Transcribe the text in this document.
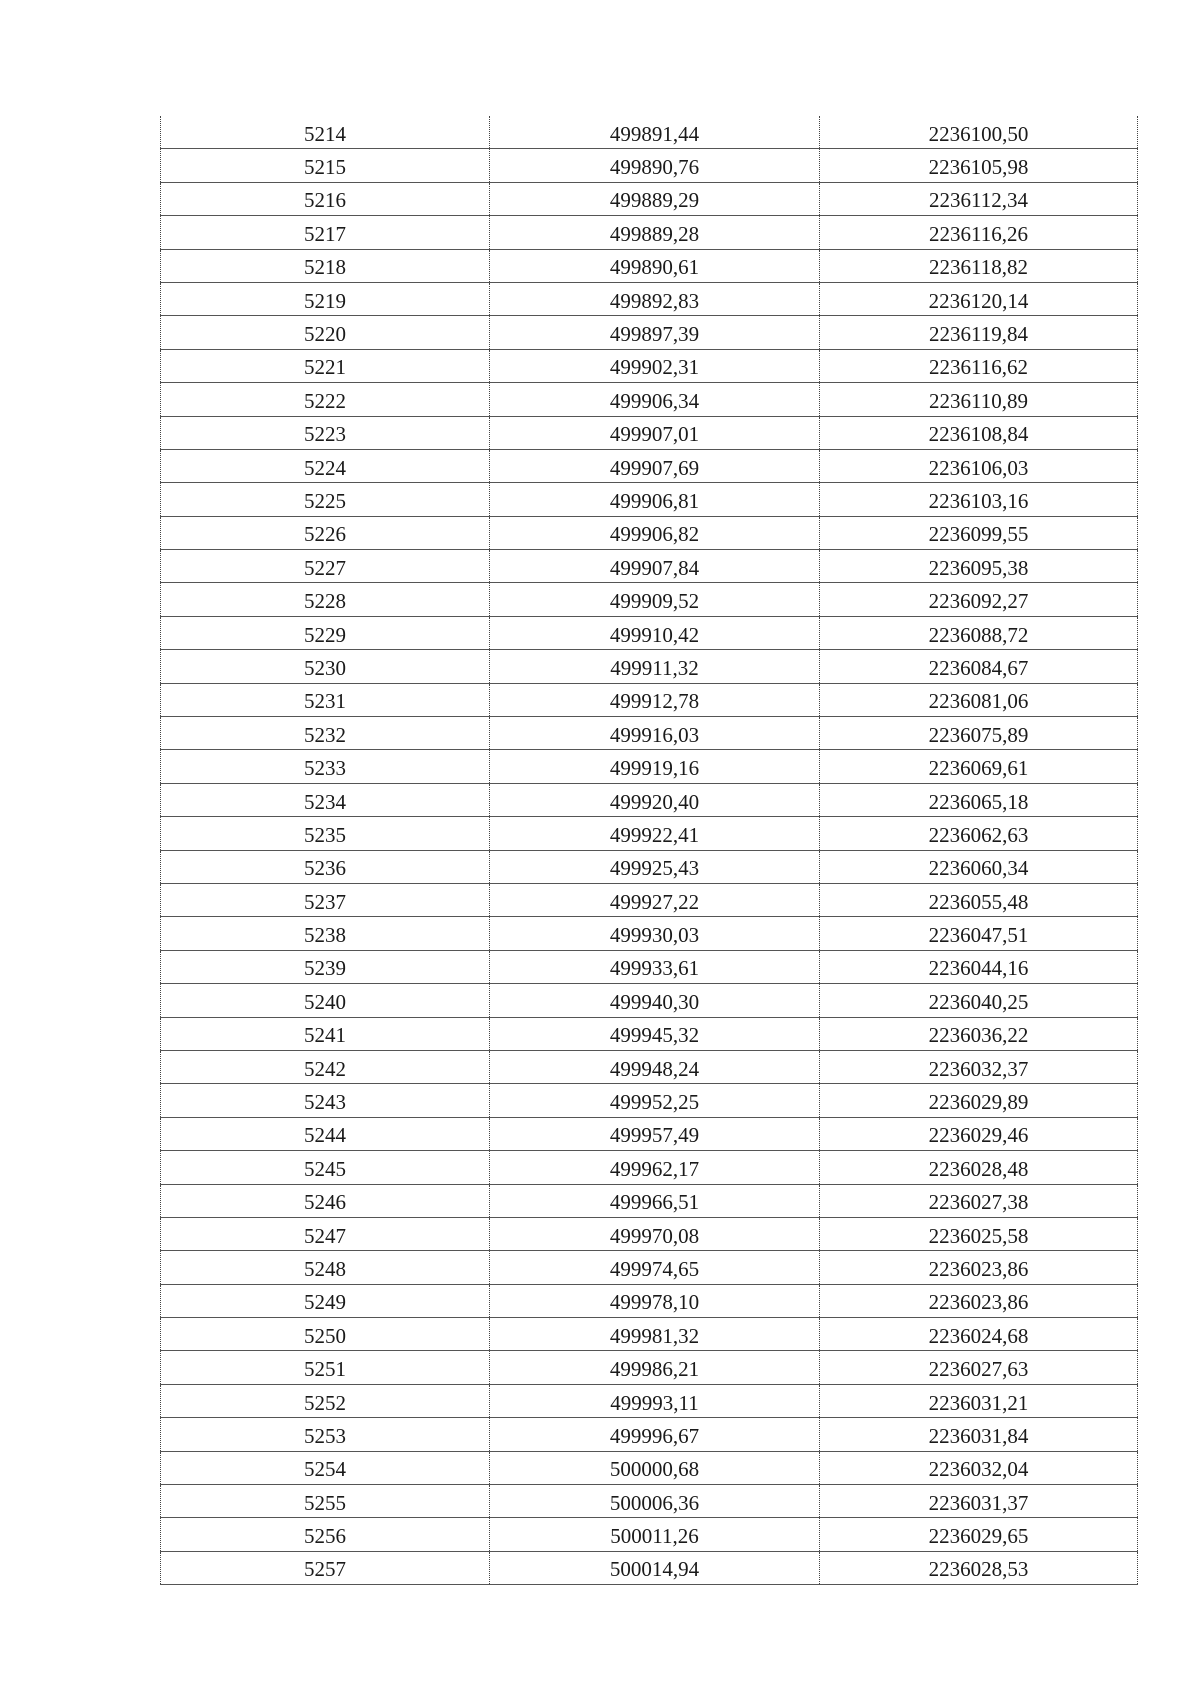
5214	499891,44	2236100,50
5215	499890,76	2236105,98
5216	499889,29	2236112,34
5217	499889,28	2236116,26
5218	499890,61	2236118,82
5219	499892,83	2236120,14
5220	499897,39	2236119,84
5221	499902,31	2236116,62
5222	499906,34	2236110,89
5223	499907,01	2236108,84
5224	499907,69	2236106,03
5225	499906,81	2236103,16
5226	499906,82	2236099,55
5227	499907,84	2236095,38
5228	499909,52	2236092,27
5229	499910,42	2236088,72
5230	499911,32	2236084,67
5231	499912,78	2236081,06
5232	499916,03	2236075,89
5233	499919,16	2236069,61
5234	499920,40	2236065,18
5235	499922,41	2236062,63
5236	499925,43	2236060,34
5237	499927,22	2236055,48
5238	499930,03	2236047,51
5239	499933,61	2236044,16
5240	499940,30	2236040,25
5241	499945,32	2236036,22
5242	499948,24	2236032,37
5243	499952,25	2236029,89
5244	499957,49	2236029,46
5245	499962,17	2236028,48
5246	499966,51	2236027,38
5247	499970,08	2236025,58
5248	499974,65	2236023,86
5249	499978,10	2236023,86
5250	499981,32	2236024,68
5251	499986,21	2236027,63
5252	499993,11	2236031,21
5253	499996,67	2236031,84
5254	500000,68	2236032,04
5255	500006,36	2236031,37
5256	500011,26	2236029,65
5257	500014,94	2236028,53
